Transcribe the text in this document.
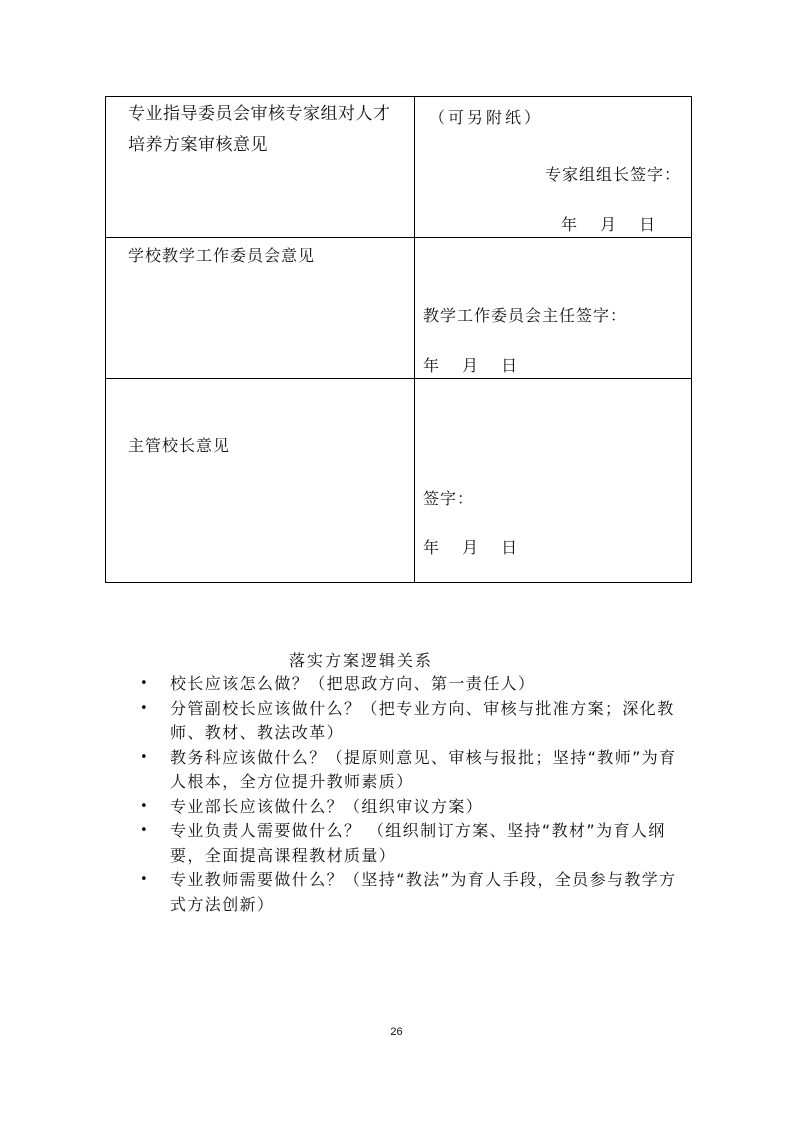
专业指导委员会审核专家组对人才培养方案审核意见	（可另附纸）
专家组组长签字：
年 月 日

学校教学工作委员会意见	教学工作委员会主任签字：
年 月 日

主管校长意见	签字：
年 月 日
落实方案逻辑关系
• 校长应该怎么做？（把思政方向、第一责任人）
• 分管副校长应该做什么？（把专业方向、审核与批准方案；深化教师、教材、教法改革）
• 教务科应该做什么？（提原则意见、审核与报批；坚持“教师”为育人根本，全方位提升教师素质）
• 专业部长应该做什么？（组织审议方案）
• 专业负责人需要做什么？ （组织制订方案、坚持“教材”为育人纲要，全面提高课程教材质量）
• 专业教师需要做什么？（坚持“教法”为育人手段，全员参与教学方式方法创新）
26
